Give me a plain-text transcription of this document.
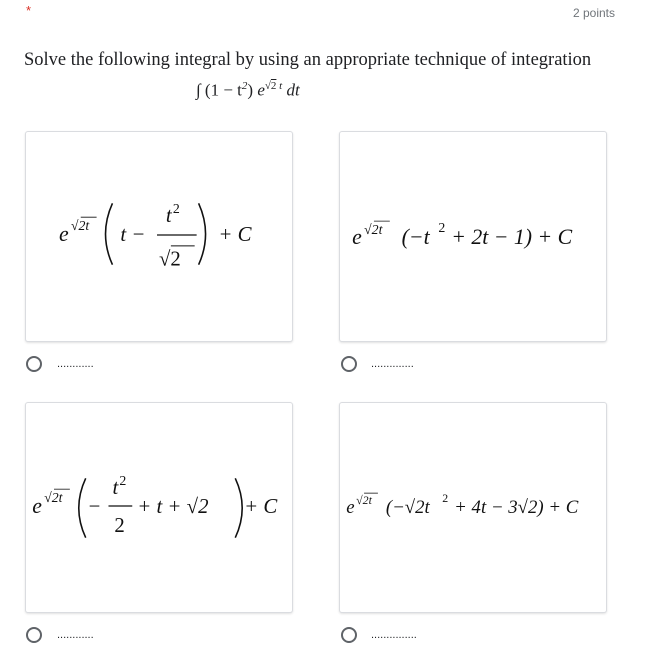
*	2 points
Solve the following integral by using an appropriate technique of integration
∫ $(1 - t^2)$ $e^{√2 t}$ dt
e √2t t −
t 2
√2
+ C	e √2t (−t 2 + 2t − 1) + C
e √2t −
t 2
2
+ t + √2 + C	e √2t (−√2t 2 + 4t − 3√2) + C
............	..............
............	...............
